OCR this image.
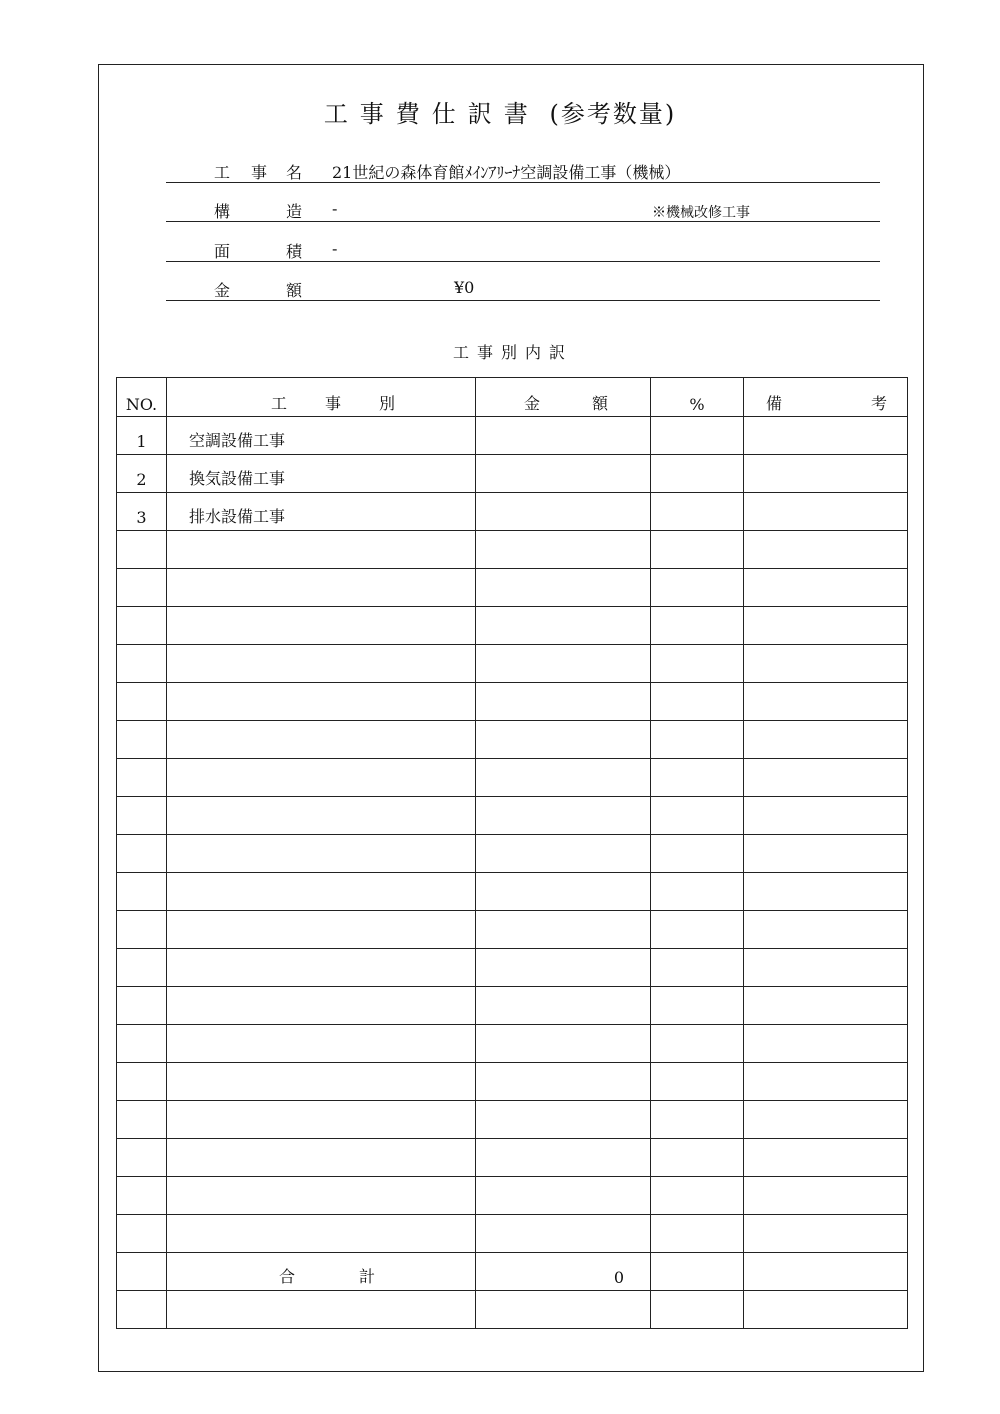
工事費仕訳書 (参考数量)
工 事 名 21世紀の森体育館ﾒｲﾝｱﾘｰﾅ空調設備工事（機械）
構	造 -	※機械改修工事
面	積 -
金	額	¥0
工事別内訳
NO.	工 事 別	金 額	%	備 考

1	空調設備工事			
2	換気設備工事			
3	排水設備工事			

	合 計	0		
